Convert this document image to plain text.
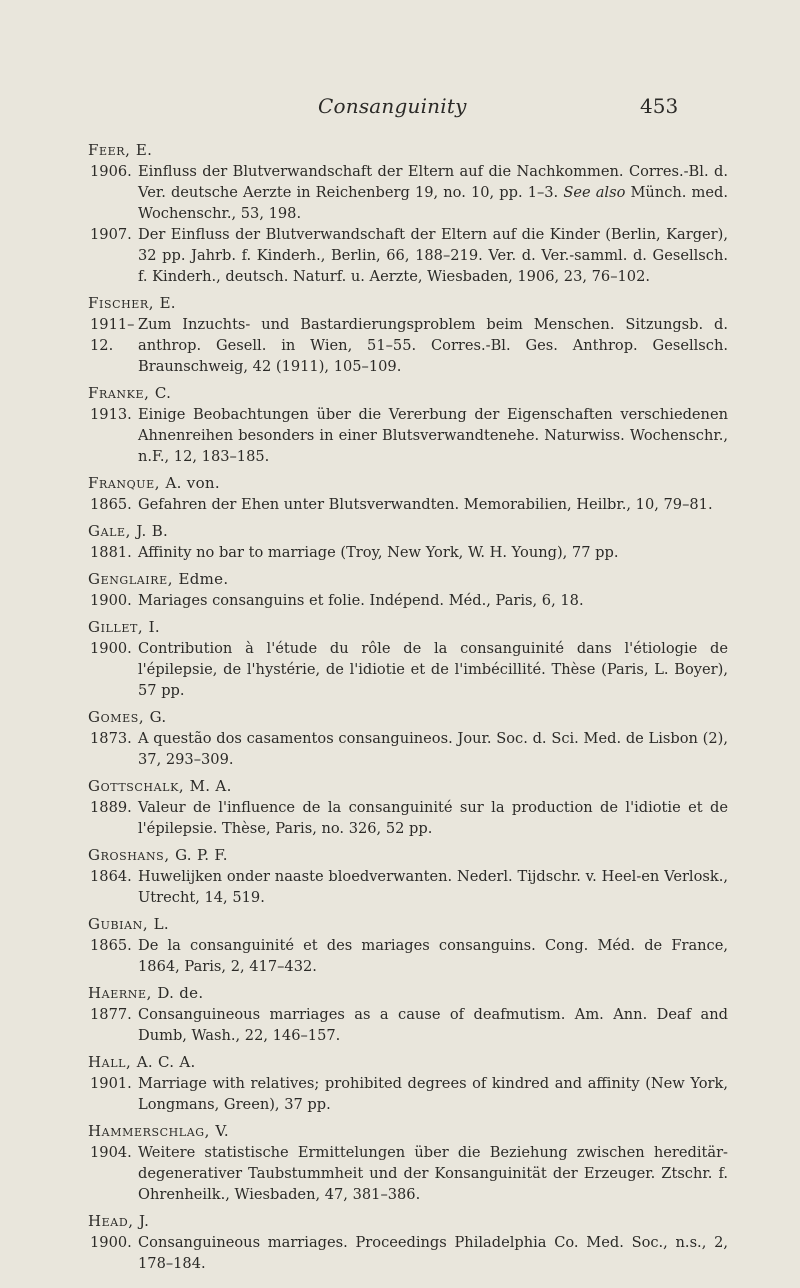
Consanguinity	453
Feer, E.
1906. Einfluss der Blutverwandschaft der Eltern auf die Nachkommen. Corres.-Bl. d. Ver. deutsche Aerzte in Reichenberg 19, no. 10, pp. 1–3. See also Münch. med. Wochenschr., 53, 198.
1907. Der Einfluss der Blutverwandschaft der Eltern auf die Kinder (Berlin, Karger), 32 pp. Jahrb. f. Kinderh., Berlin, 66, 188–219. Ver. d. Ver.-samml. d. Gesellsch. f. Kinderh., deutsch. Naturf. u. Aerzte, Wiesbaden, 1906, 23, 76–102.
Fischer, E.
1911–12.
Zum Inzuchts- und Bastardierungsproblem beim Menschen. Sitzungsb. d. anthrop. Gesell. in Wien, 51–55. Corres.-Bl. Ges. Anthrop. Gesellsch. Braunschweig, 42 (1911), 105–109.
Franke, C.
1913. Einige Beobachtungen über die Vererbung der Eigenschaften verschiedenen Ahnenreihen besonders in einer Blutsverwandtenehe. Naturwiss. Wochenschr., n.F., 12, 183–185.
Franque, A. von.
1865. Gefahren der Ehen unter Blutsverwandten. Memorabilien, Heilbr., 10, 79–81.
Gale, J. B.
1881. Affinity no bar to marriage (Troy, New York, W. H. Young), 77 pp.
Genglaire, Edme.
1900. Mariages consanguins et folie. Indépend. Méd., Paris, 6, 18.
Gillet, I.
1900. Contribution à l'étude du rôle de la consanguinité dans l'étiologie de l'épilepsie, de l'hystérie, de l'idiotie et de l'imbécillité. Thèse (Paris, L. Boyer), 57 pp.
Gomes, G.
1873. A questão dos casamentos consanguineos. Jour. Soc. d. Sci. Med. de Lisbon (2), 37, 293–309.
Gottschalk, M. A.
1889. Valeur de l'influence de la consanguinité sur la production de l'idiotie et de l'épilepsie. Thèse, Paris, no. 326, 52 pp.
Groshans, G. P. F.
1864. Huwelijken onder naaste bloedverwanten. Nederl. Tijdschr. v. Heel-en Verlosk., Utrecht, 14, 519.
Gubian, L.
1865. De la consanguinité et des mariages consanguins. Cong. Méd. de France, 1864, Paris, 2, 417–432.
Haerne, D. de.
1877. Consanguineous marriages as a cause of deafmutism. Am. Ann. Deaf and Dumb, Wash., 22, 146–157.
Hall, A. C. A.
1901. Marriage with relatives; prohibited degrees of kindred and affinity (New York, Longmans, Green), 37 pp.
Hammerschlag, V.
1904. Weitere statistische Ermittelungen über die Beziehung zwischen hereditär-degenerativer Taubstummheit und der Konsanguinität der Erzeuger. Ztschr. f. Ohrenheilk., Wiesbaden, 47, 381–386.
Head, J.
1900. Consanguineous marriages. Proceedings Philadelphia Co. Med. Soc., n.s., 2, 178–184.
